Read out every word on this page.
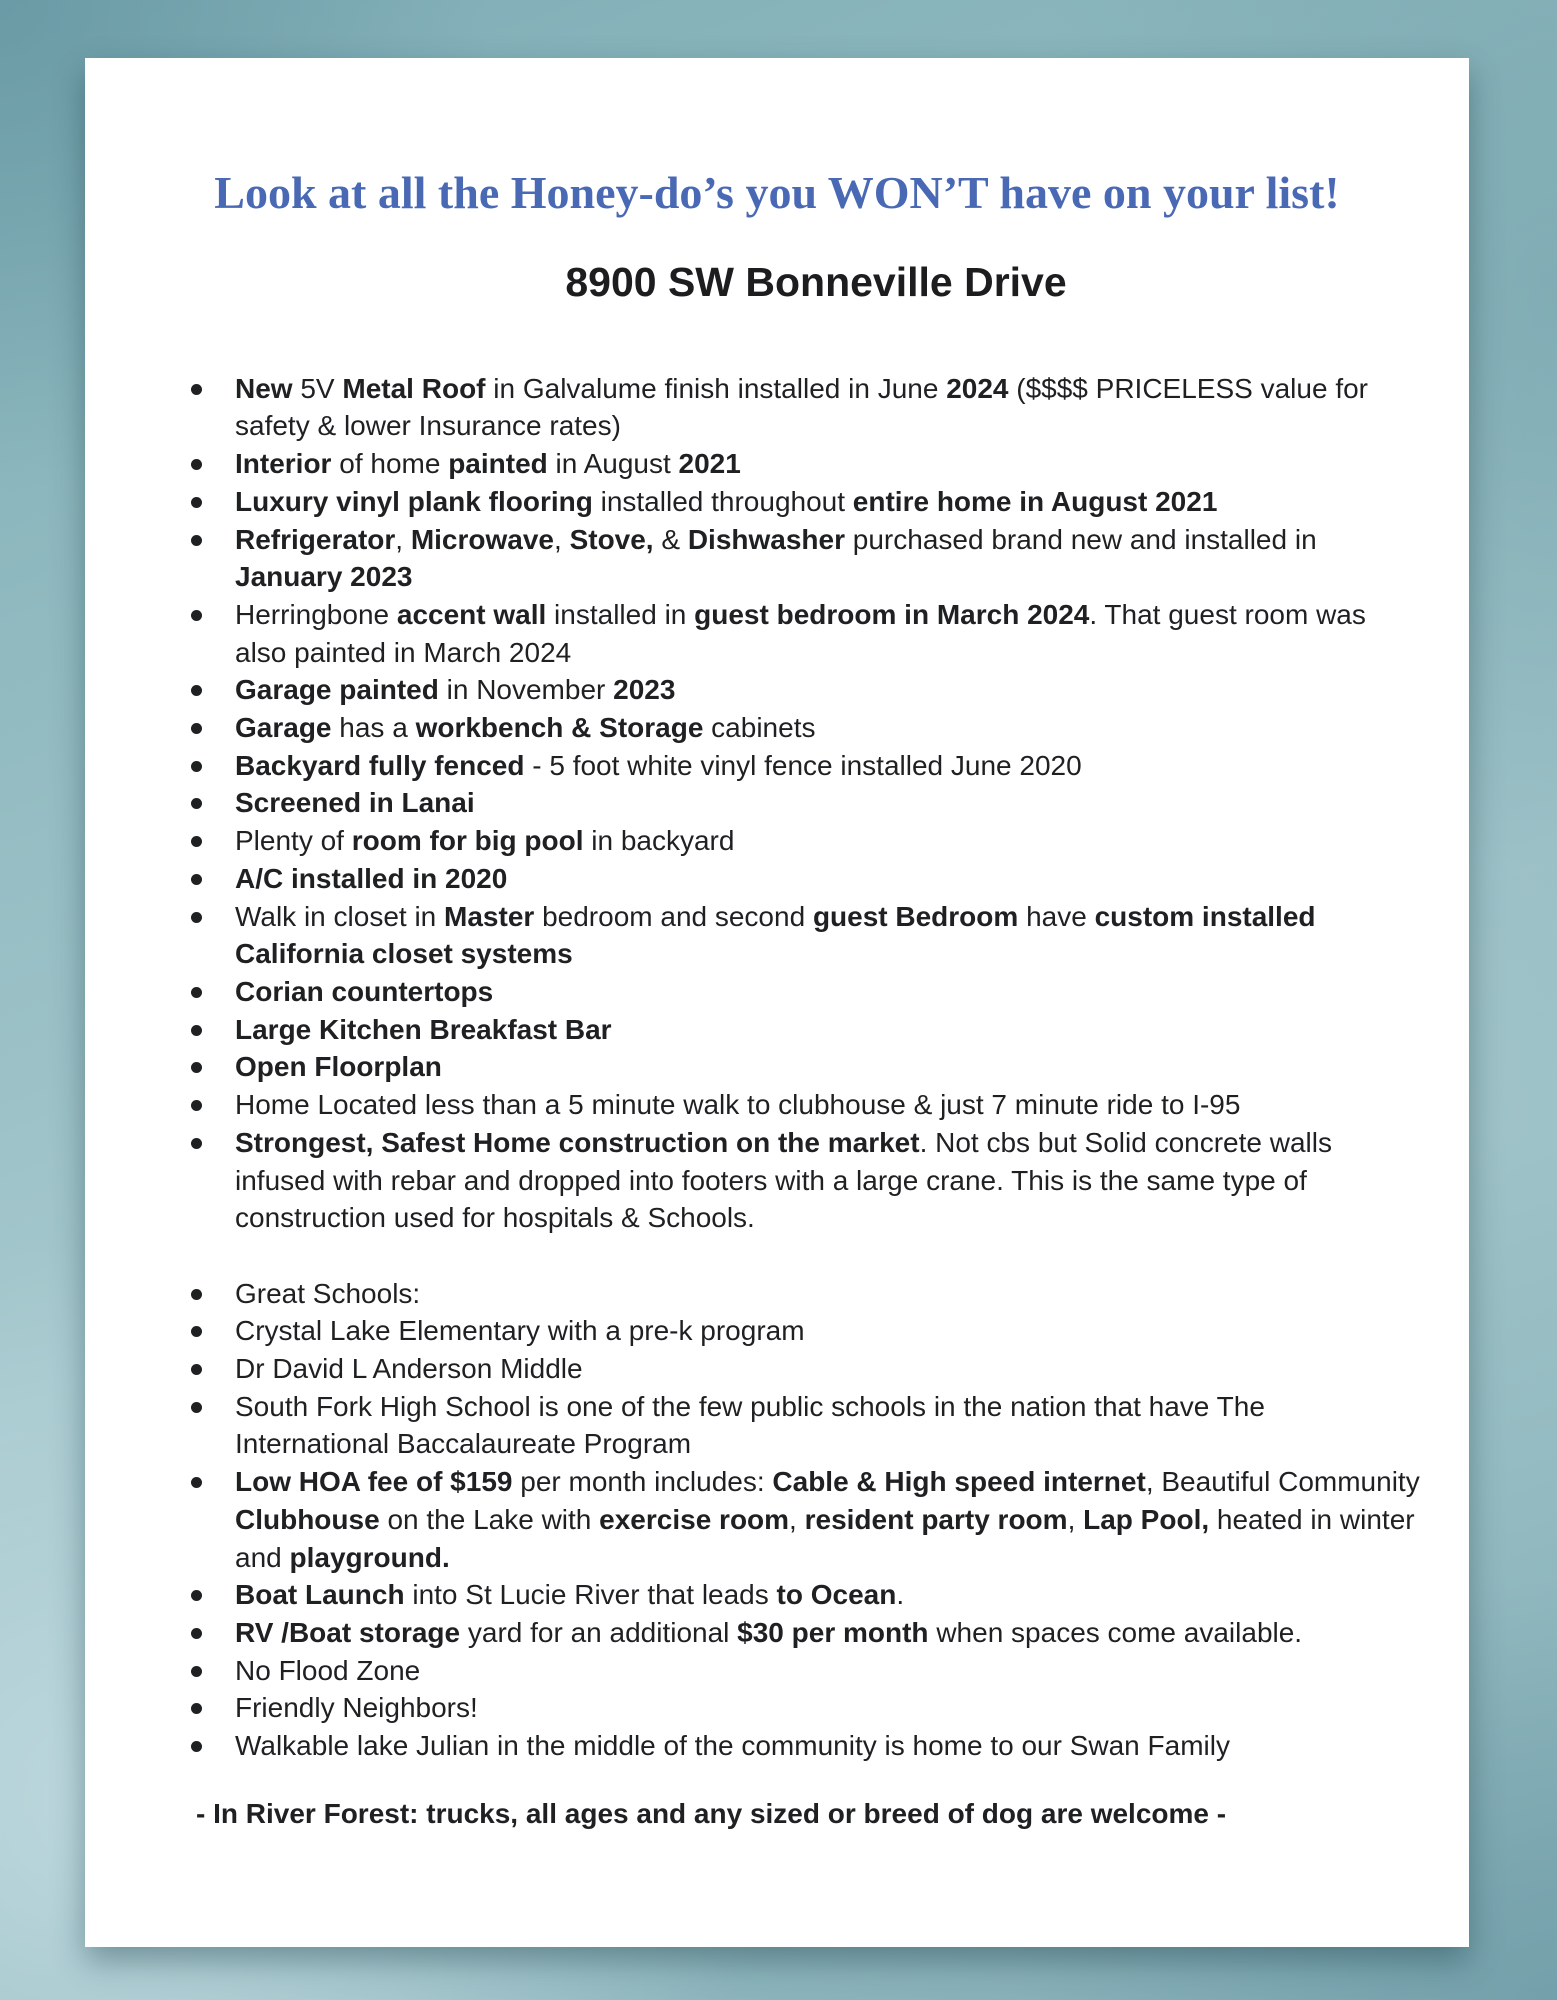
Look at all the Honey-do’s you WON’T have on your list!
8900 SW Bonneville Drive
New 5V Metal Roof in Galvalume finish installed in June 2024 ($$$$ PRICELESS value for safety & lower Insurance rates)
Interior of home painted in August 2021
Luxury vinyl plank flooring installed throughout entire home in August 2021
Refrigerator, Microwave, Stove, & Dishwasher purchased brand new and installed in January 2023
Herringbone accent wall installed in guest bedroom in March 2024. That guest room was also painted in March 2024
Garage painted in November 2023
Garage has a workbench & Storage cabinets
Backyard fully fenced - 5 foot white vinyl fence installed June 2020
Screened in Lanai
Plenty of room for big pool in backyard
A/C installed in 2020
Walk in closet in Master bedroom and second guest Bedroom have custom installed California closet systems
Corian countertops
Large Kitchen Breakfast Bar
Open Floorplan
Home Located less than a 5 minute walk to clubhouse & just 7 minute ride to I-95
Strongest, Safest Home construction on the market. Not cbs but Solid concrete walls infused with rebar and dropped into footers with a large crane. This is the same type of construction used for hospitals & Schools.
Great Schools:
Crystal Lake Elementary with a pre-k program
Dr David L Anderson Middle
South Fork High School is one of the few public schools in the nation that have The International Baccalaureate Program
Low HOA fee of $159 per month includes: Cable & High speed internet, Beautiful Community Clubhouse on the Lake with exercise room, resident party room, Lap Pool, heated in winter and playground.
Boat Launch into St Lucie River that leads to Ocean.
RV /Boat storage yard for an additional $30 per month when spaces come available.
No Flood Zone
Friendly Neighbors!
Walkable lake Julian in the middle of the community is home to our Swan Family

- In River Forest: trucks, all ages and any sized or breed of dog are welcome -
